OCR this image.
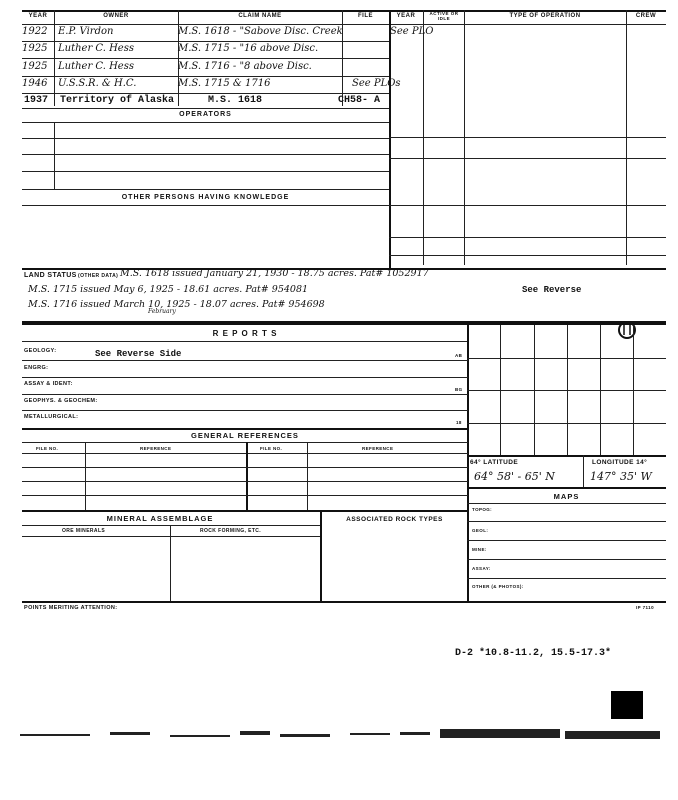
YEAR	OWNER	CLAIM NAME	FILE	YEAR	ACTIVE OR IDLE	TYPE OF OPERATION	CREW
1922 E.P. Virdon	M.S. 1618 - "Sabove Disc. Creek	See PLO
1925 Luther C. Hess	M.S. 1715 - "16 above Disc.
1925 Luther C. Hess	M.S. 1716 - "8 above Disc.
1946 U.S.S.R. & H.C.	M.S. 1715 & 1716	See PLOs
1937 Territory of Alaska	M.S. 1618	CH58- A
OPERATORS
OTHER PERSONS HAVING KNOWLEDGE
LAND STATUS (OTHER DATA) M.S. 1618 issued January 21, 1930 - 18.75 acres. Pat# 1052917
M.S. 1715 issued May 6, 1925 - 18.61 acres. Pat# 954081
M.S. 1716 issued March 10, 1925 - 18.07 acres. Pat# 954698
February
See Reverse
R E P O R T S
GEOLOGY:	See Reverse Side	AB
ENGRG:
ASSAY & IDENT:
BG
GEOPHYS. & GEOCHEM:
METALLURGICAL:
18
GENERAL REFERENCES
FILE NO.	REFERENCE	FILE NO.	REFERENCE
MINERAL ASSEMBLAGE	ASSOCIATED ROCK TYPES
ORE MINERALS	ROCK FORMING, ETC.
64° LATITUDE	LONGITUDE 14°
64° 58' - 65' N	147° 35' W
MAPS
TOPOG:
GEOL:
MINE:
ASSAY:
OTHER (& PHOTOS):
POINTS MERITING ATTENTION:	IP 7110
D-2 *10.8-11.2, 15.5-17.3*
